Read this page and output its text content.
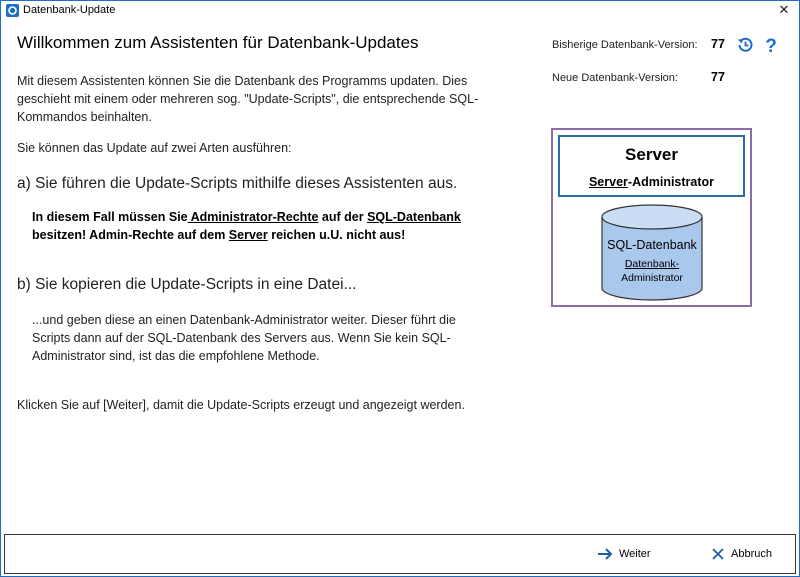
Datenbank-Update	✕
Willkommen zum Assistenten für Datenbank-Updates
Mit diesem Assistenten können Sie die Datenbank des Programms updaten. Dies
geschieht mit einem oder mehreren sog. "Update-Scripts", die entsprechende SQL-
Kommandos beinhalten.
Sie können das Update auf zwei Arten ausführen:
a) Sie führen die Update-Scripts mithilfe dieses Assistenten aus.
In diesem Fall müssen Sie Administrator-Rechte auf der SQL-Datenbank
besitzen! Admin-Rechte auf dem Server reichen u.U. nicht aus!
b) Sie kopieren die Update-Scripts in eine Datei...
...und geben diese an einen Datenbank-Administrator weiter. Dieser führt die
Scripts dann auf der SQL-Datenbank des Servers aus. Wenn Sie kein SQL-
Administrator sind, ist das die empfohlene Methode.
Klicken Sie auf [Weiter], damit die Update-Scripts erzeugt und angezeigt werden.
Bisherige Datenbank-Version: 77
Neue Datenbank-Version:	77
?
Server
Server-Administrator
SQL-Datenbank
Datenbank-
Administrator
Weiter	Abbruch
